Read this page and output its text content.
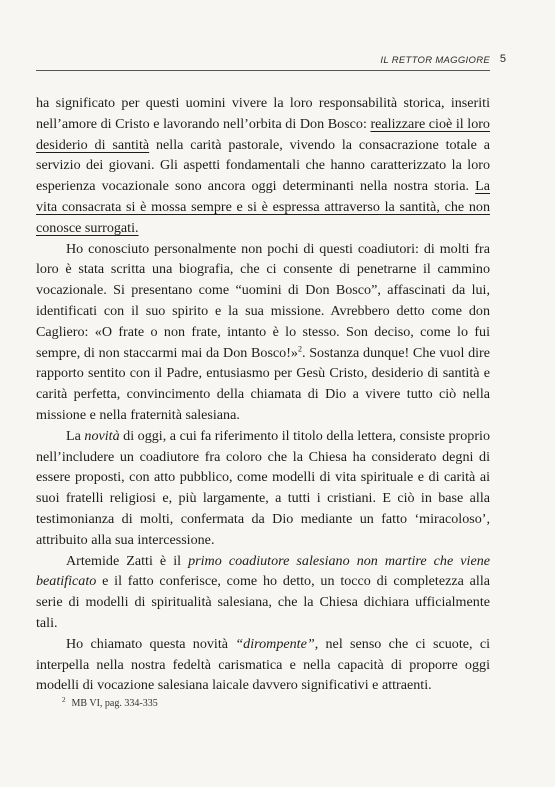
IL RETTOR MAGGIORE 5

ha significato per questi uomini vivere la loro responsabilità storica, inseriti nell’amore di Cristo e lavorando nell’orbita di Don Bosco: realizzare cioè il loro desiderio di santità nella carità pastorale, vivendo la consacrazione totale a servizio dei giovani. Gli aspetti fondamentali che hanno caratterizzato la loro esperienza vocazionale sono ancora oggi determinanti nella nostra storia. La vita consacrata si è mossa sempre e si è espressa attraverso la santità, che non conosce surrogati.

Ho conosciuto personalmente non pochi di questi coadiutori: di molti fra loro è stata scritta una biografia, che ci consente di penetrarne il cammino vocazionale. Si presentano come “uomini di Don Bosco”, affascinati da lui, identificati con il suo spirito e la sua missione. Avrebbero detto come don Cagliero: «O frate o non frate, intanto è lo stesso. Son deciso, come lo fui sempre, di non staccarmi mai da Don Bosco!»$^2$. Sostanza dunque! Che vuol dire rapporto sentito con il Padre, entusiasmo per Gesù Cristo, desiderio di santità e carità perfetta, convincimento della chiamata di Dio a vivere tutto ciò nella missione e nella fraternità salesiana.

La novità di oggi, a cui fa riferimento il titolo della lettera, consiste proprio nell’includere un coadiutore fra coloro che la Chiesa ha considerato degni di essere proposti, con atto pubblico, come modelli di vita spirituale e di carità ai suoi fratelli religiosi e, più largamente, a tutti i cristiani. E ciò in base alla testimonianza di molti, confermata da Dio mediante un fatto ‘miracoloso’, attribuito alla sua intercessione.

Artemide Zatti è il primo coadiutore salesiano non martire che viene beatificato e il fatto conferisce, come ho detto, un tocco di completezza alla serie di modelli di spiritualità salesiana, che la Chiesa dichiara ufficialmente tali.

Ho chiamato questa novità “dirompente”, nel senso che ci scuote, ci interpella nella nostra fedeltà carismatica e nella capacità di proporre oggi modelli di vocazione salesiana laicale davvero significativi e attraenti.

$^2$ MB VI, pag. 334-335
